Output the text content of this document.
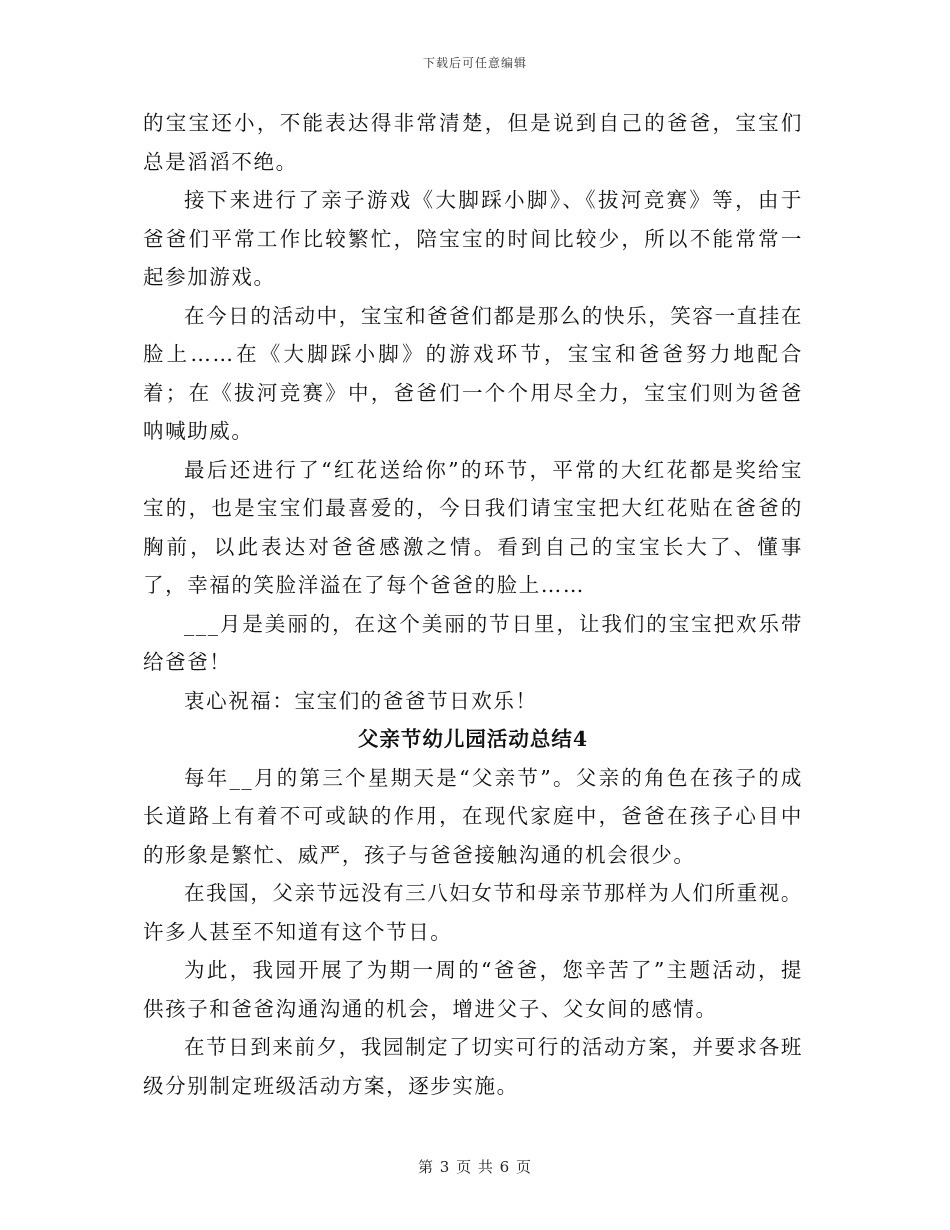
下载后可任意编辑

的宝宝还小，不能表达得非常清楚，但是说到自己的爸爸，宝宝们总是滔滔不绝。

接下来进行了亲子游戏《大脚踩小脚》、《拔河竞赛》等，由于爸爸们平常工作比较繁忙，陪宝宝的时间比较少，所以不能常常一起参加游戏。

在今日的活动中，宝宝和爸爸们都是那么的快乐，笑容一直挂在脸上……在《大脚踩小脚》的游戏环节，宝宝和爸爸努力地配合着；在《拔河竞赛》中，爸爸们一个个用尽全力，宝宝们则为爸爸呐喊助威。

最后还进行了“红花送给你”的环节，平常的大红花都是奖给宝宝的，也是宝宝们最喜爱的，今日我们请宝宝把大红花贴在爸爸的胸前，以此表达对爸爸感激之情。看到自己的宝宝长大了、懂事了，幸福的笑脸洋溢在了每个爸爸的脸上……

___月是美丽的，在这个美丽的节日里，让我们的宝宝把欢乐带给爸爸！

衷心祝福：宝宝们的爸爸节日欢乐！

父亲节幼儿园活动总结4

每年__月的第三个星期天是“父亲节”。父亲的角色在孩子的成长道路上有着不可或缺的作用，在现代家庭中，爸爸在孩子心目中的形象是繁忙、威严，孩子与爸爸接触沟通的机会很少。

在我国，父亲节远没有三八妇女节和母亲节那样为人们所重视。许多人甚至不知道有这个节日。

为此，我园开展了为期一周的“爸爸，您辛苦了”主题活动，提供孩子和爸爸沟通沟通的机会，增进父子、父女间的感情。

在节日到来前夕，我园制定了切实可行的活动方案，并要求各班级分别制定班级活动方案，逐步实施。

第 3 页 共 6 页
